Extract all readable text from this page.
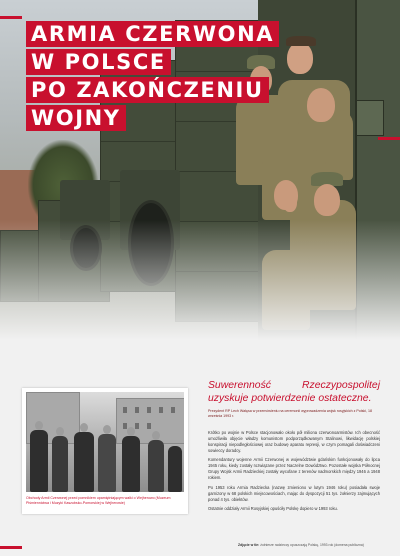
ARMIA CZERWONA
W POLSCE
PO ZAKOŃCZENIU
WOJNY
Obchody Armii Czerwonej przed pomnikiem upamiętniającym walki o Wejherowo (Muzeum Piśmiennictwa i Muzyki Kaszubsko-Pomorskiej w Wejherowie)
Suwerenność Rzeczypospolitej uzyskuje potwierdzenie ostateczne.
Prezydent RP Lech Wałęsa w przemówieniu na ceremonii wyprowadzenia wojsk rosyjskich z Polski, 18 września 1993 r.

Krótko po wojnie w Polsce stacjonowało około pół miliona czerwonoarmistów. Ich obecność umożliwiła objęcie władzy komunistom podporządkowanym Stalinowi, likwidację polskiej konspiracji niepodległościowej oraz budowę aparatu represji, w czym pomagali doświadczeni sowieccy doradcy.

Komendantury wojenne Armii Czerwonej w województwie gdańskim funkcjonowały do lipca 1945 roku, kiedy zostały rozwiązane przez Naczelne Dowództwo. Pozostałe wojska Północnej Grupy Wojsk Armii Radzieckiej zostały wycofane z terenów nadmorskich między 1946 a 1948 rokiem.

Po 1953 roku Armia Radziecka (nazwę zmieniono w lutym 1946 roku) posiadała swoje garnizony w 68 polskich miejscowościach, mając do dyspozycji 51 tys. żołnierzy zajmujących ponad 4 tys. obiektów.

Ostatnie oddziały Armii Rosyjskiej opuściły Polskę dopiero w 1993 roku.

Zdjęcie w tle: żołnierze radzieccy opuszczają Polskę, 1993 rok (domena publiczna)
